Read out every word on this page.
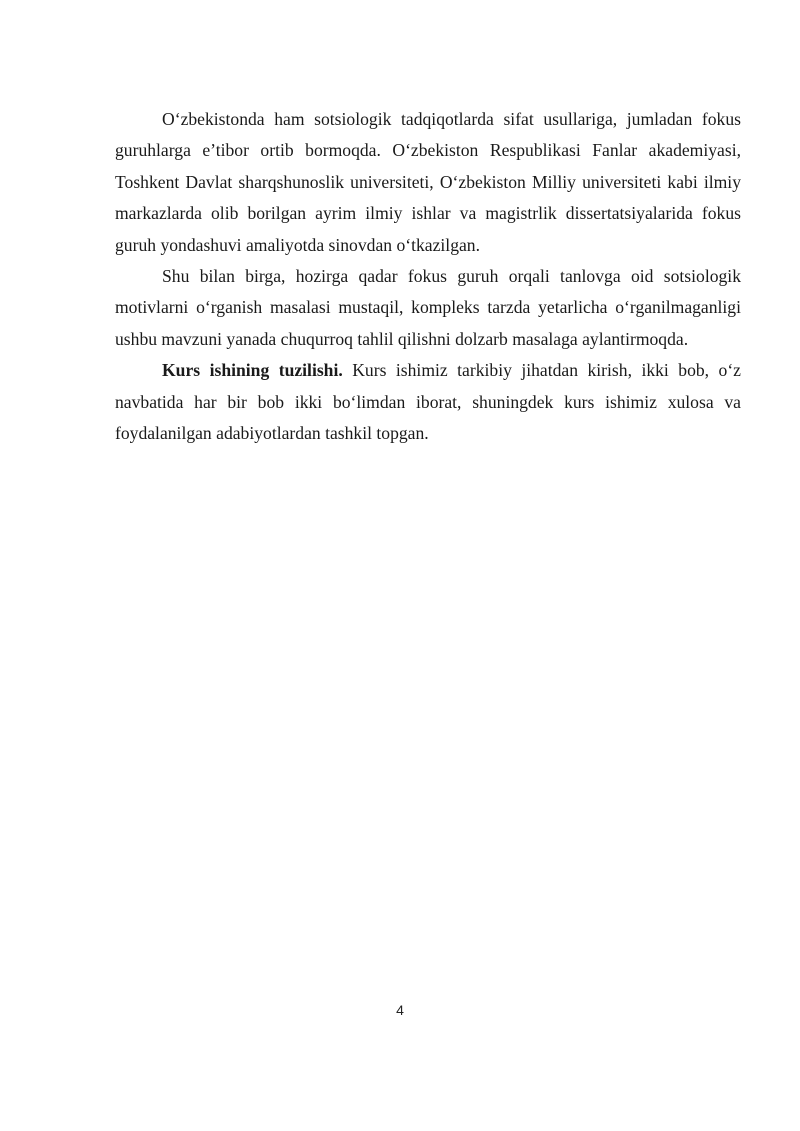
O‘zbekistonda ham sotsiologik tadqiqotlarda sifat usullariga, jumladan fokus guruhlarga e’tibor ortib bormoqda. O‘zbekiston Respublikasi Fanlar akademiyasi, Toshkent Davlat sharqshunoslik universiteti, O‘zbekiston Milliy universiteti kabi ilmiy markazlarda olib borilgan ayrim ilmiy ishlar va magistrlik dissertatsiyalarida fokus guruh yondashuvi amaliyotda sinovdan o‘tkazilgan.

Shu bilan birga, hozirga qadar fokus guruh orqali tanlovga oid sotsiologik motivlarni o‘rganish masalasi mustaqil, kompleks tarzda yetarlicha o‘rganilmaganligi ushbu mavzuni yanada chuqurroq tahlil qilishni dolzarb masalaga aylantirmoqda.

Kurs ishining tuzilishi. Kurs ishimiz tarkibiy jihatdan kirish, ikki bob, o‘z navbatida har bir bob ikki bo‘limdan iborat, shuningdek kurs ishimiz xulosa va foydalanilgan adabiyotlardan tashkil topgan.

4
